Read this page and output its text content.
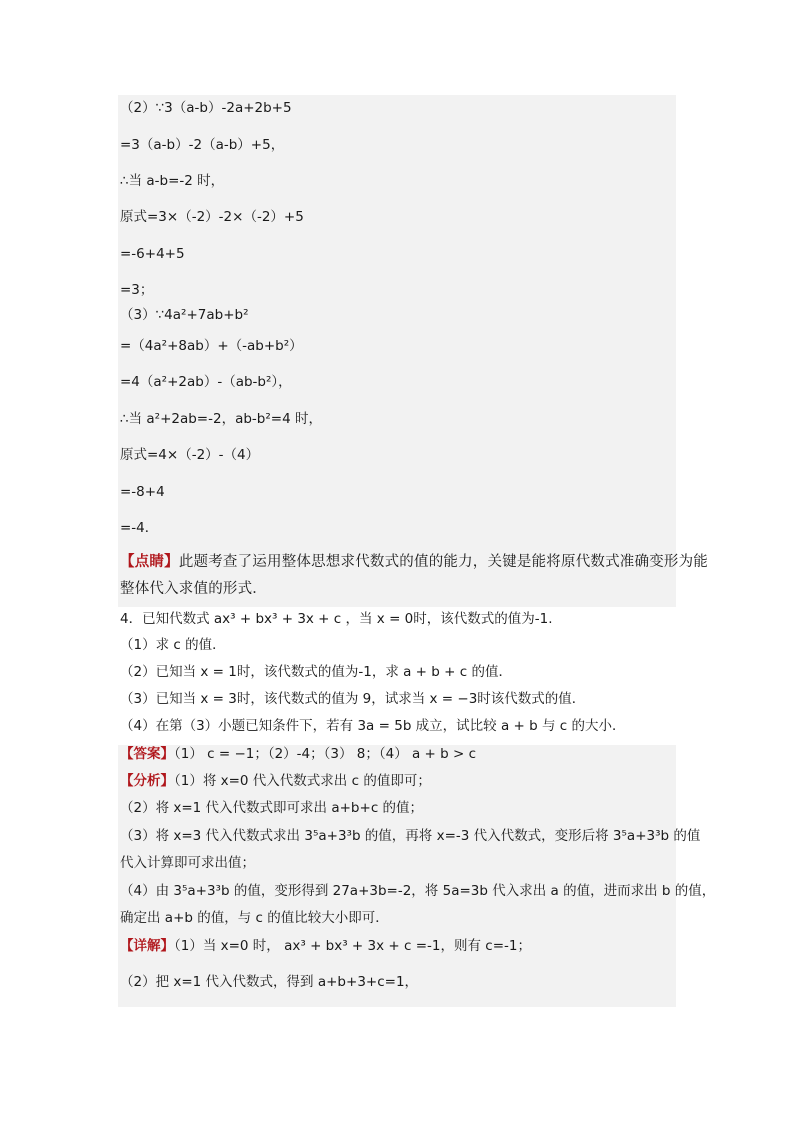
（2）∵3（a-b）-2a+2b+5
=3（a-b）-2（a-b）+5，
∴当 a-b=-2 时，
原式=3×（-2）-2×（-2）+5
=-6+4+5
=3；
（3）∵4a²+7ab+b²
=（4a²+8ab）+（-ab+b²）
=4（a²+2ab）-（ab-b²），
∴当 a²+2ab=-2，ab-b²=4 时，
原式=4×（-2）-（4）
=-8+4
=-4．
【点睛】此题考查了运用整体思想求代数式的值的能力，关键是能将原代数式准确变形为能
整体代入求值的形式．
4．已知代数式 ax³ + bx³ + 3x + c ，当 x = 0时，该代数式的值为-1.
（1）求 c 的值．
（2）已知当 x = 1时，该代数式的值为-1，求 a + b + c 的值．
（3）已知当 x = 3时，该代数式的值为 9，试求当 x = −3时该代数式的值．
（4）在第（3）小题已知条件下，若有 3a = 5b 成立，试比较 a + b 与 c 的大小．
【答案】（1） c = −1；（2）-4；（3） 8；（4） a + b > c
【分析】（1）将 x=0 代入代数式求出 c 的值即可；
（2）将 x=1 代入代数式即可求出 a+b+c 的值；
（3）将 x=3 代入代数式求出 3⁵a+3³b 的值，再将 x=-3 代入代数式，变形后将 3⁵a+3³b 的值
代入计算即可求出值；
（4）由 3⁵a+3³b 的值，变形得到 27a+3b=-2，将 5a=3b 代入求出 a 的值，进而求出 b 的值，
确定出 a+b 的值，与 c 的值比较大小即可．
【详解】（1）当 x=0 时， ax³ + bx³ + 3x + c =-1，则有 c=-1；
（2）把 x=1 代入代数式，得到 a+b+3+c=1，
